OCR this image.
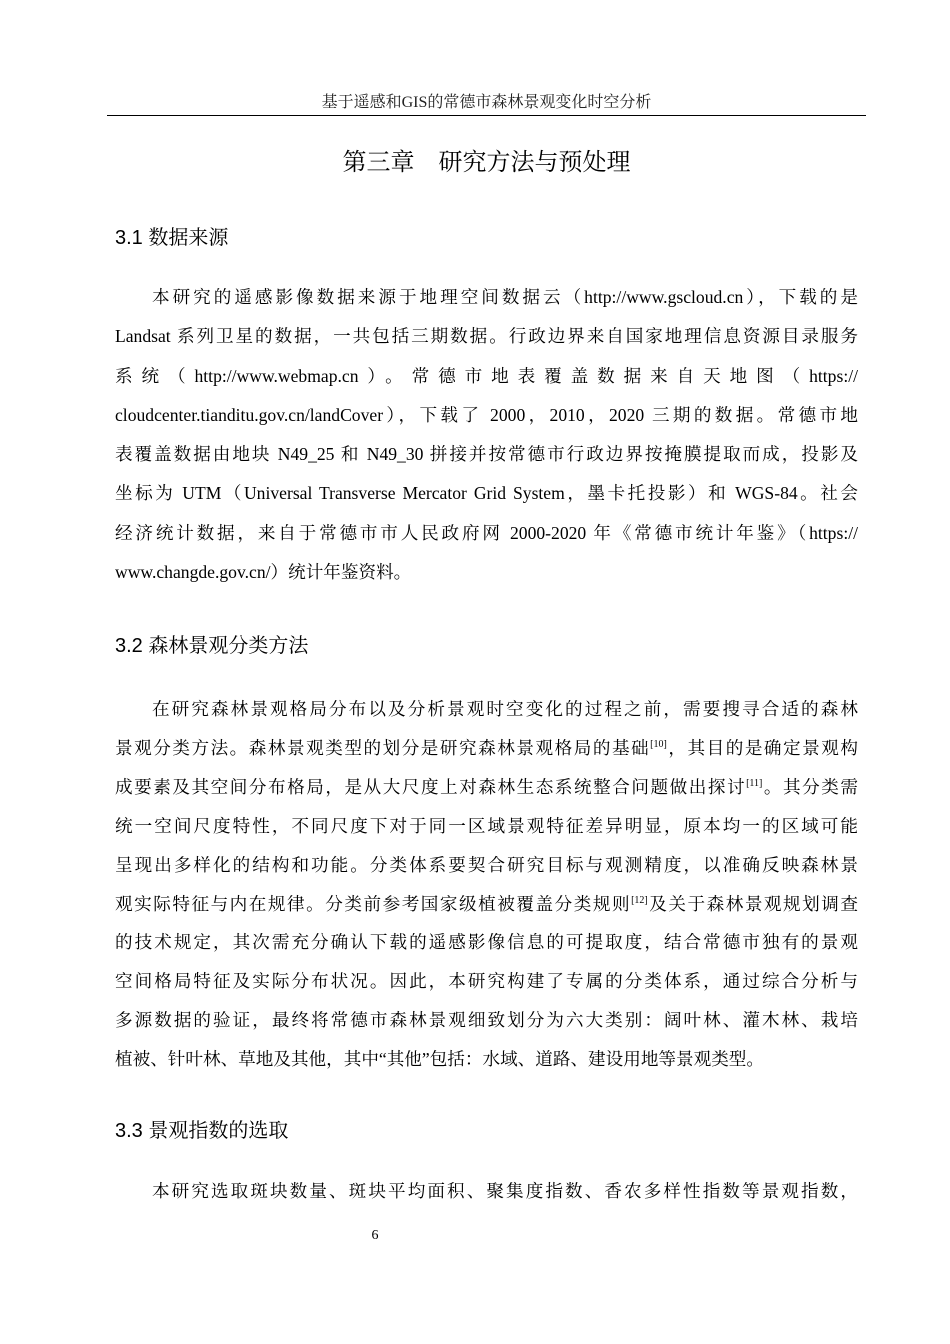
基于遥感和GIS的常德市森林景观变化时空分析
第三章　研究方法与预处理
3.1 数据来源
本研究的遥感影像数据来源于地理空间数据云（http://www.gscloud.cn），下载的是
Landsat 系列卫星的数据，一共包括三期数据。行政边界来自国家地理信息资源目录服务
系统（http://www.webmap.cn）。常德市地表覆盖数据来自天地图（https://
cloudcenter.tianditu.gov.cn/landCover），下载了 2000，2010，2020 三期的数据。常德市地
表覆盖数据由地块 N49_25 和 N49_30 拼接并按常德市行政边界按掩膜提取而成，投影及
坐标为 UTM（Universal Transverse Mercator Grid System，墨卡托投影）和 WGS-84。社会
经济统计数据，来自于常德市市人民政府网 2000-2020 年《常德市统计年鉴》（https://
www.changde.gov.cn/）统计年鉴资料。
3.2 森林景观分类方法
在研究森林景观格局分布以及分析景观时空变化的过程之前，需要搜寻合适的森林
景观分类方法。森林景观类型的划分是研究森林景观格局的基础[10]，其目的是确定景观构
成要素及其空间分布格局，是从大尺度上对森林生态系统整合问题做出探讨[11]。其分类需
统一空间尺度特性，不同尺度下对于同一区域景观特征差异明显，原本均一的区域可能
呈现出多样化的结构和功能。分类体系要契合研究目标与观测精度，以准确反映森林景
观实际特征与内在规律。分类前参考国家级植被覆盖分类规则[12]及关于森林景观规划调查
的技术规定，其次需充分确认下载的遥感影像信息的可提取度，结合常德市独有的景观
空间格局特征及实际分布状况。因此，本研究构建了专属的分类体系，通过综合分析与
多源数据的验证，最终将常德市森林景观细致划分为六大类别：阔叶林、灌木林、栽培
植被、针叶林、草地及其他，其中“其他”包括：水域、道路、建设用地等景观类型。
3.3 景观指数的选取
本研究选取斑块数量、斑块平均面积、聚集度指数、香农多样性指数等景观指数，
6
